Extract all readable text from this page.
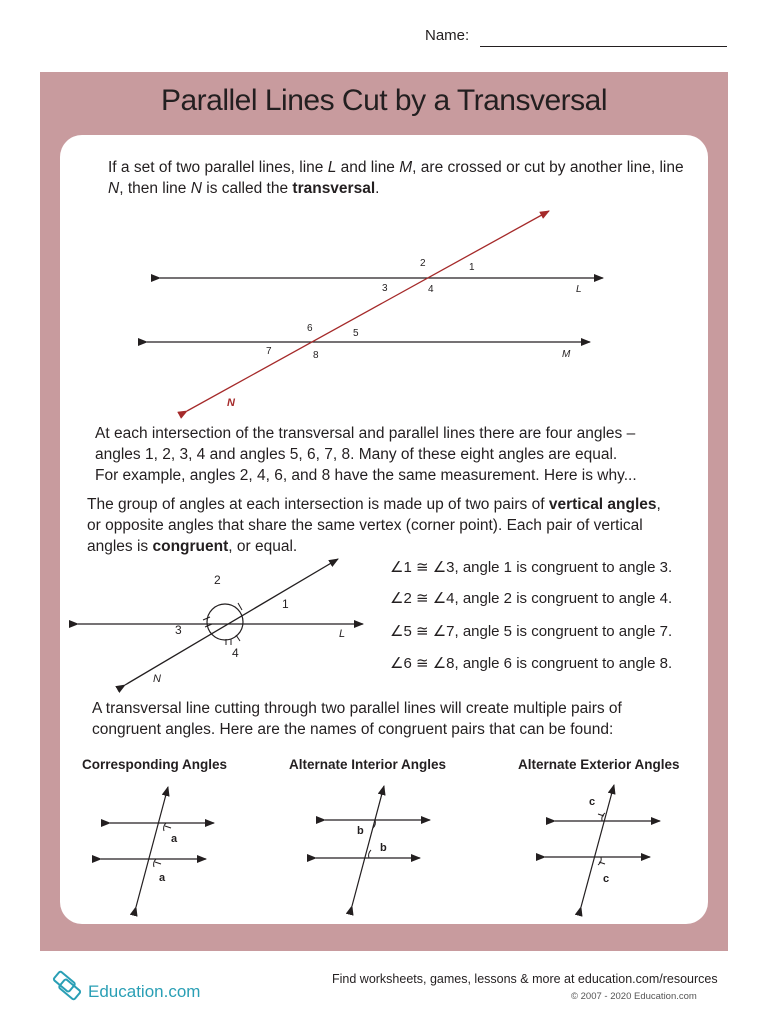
Name:
Parallel Lines Cut by a Transversal
If a set of two parallel lines, line L and line M, are crossed or cut by another line, line N, then line N is called the transversal.
1
2
3	4
5
6
7	8
L
M
N
1
2
3
4
L
N
a
a
b
b
c
c
At each intersection of the transversal and parallel lines there are four angles –
angles 1, 2, 3, 4 and angles 5, 6, 7, 8. Many of these eight angles are equal.
For example, angles 2, 4, 6, and 8 have the same measurement. Here is why...
The group of angles at each intersection is made up of two pairs of vertical angles,
or opposite angles that share the same vertex (corner point). Each pair of vertical
angles is congruent, or equal.
∠1 ≅ ∠3, angle 1 is congruent to angle 3.
∠2 ≅ ∠4, angle 2 is congruent to angle 4.
∠5 ≅ ∠7, angle 5 is congruent to angle 7.
∠6 ≅ ∠8, angle 6 is congruent to angle 8.
A transversal line cutting through two parallel lines will create multiple pairs of
congruent angles. Here are the names of congruent pairs that can be found:
Corresponding Angles	Alternate Interior Angles	Alternate Exterior Angles
Education.com
Find worksheets, games, lessons & more at education.com/resources
© 2007 - 2020 Education.com
